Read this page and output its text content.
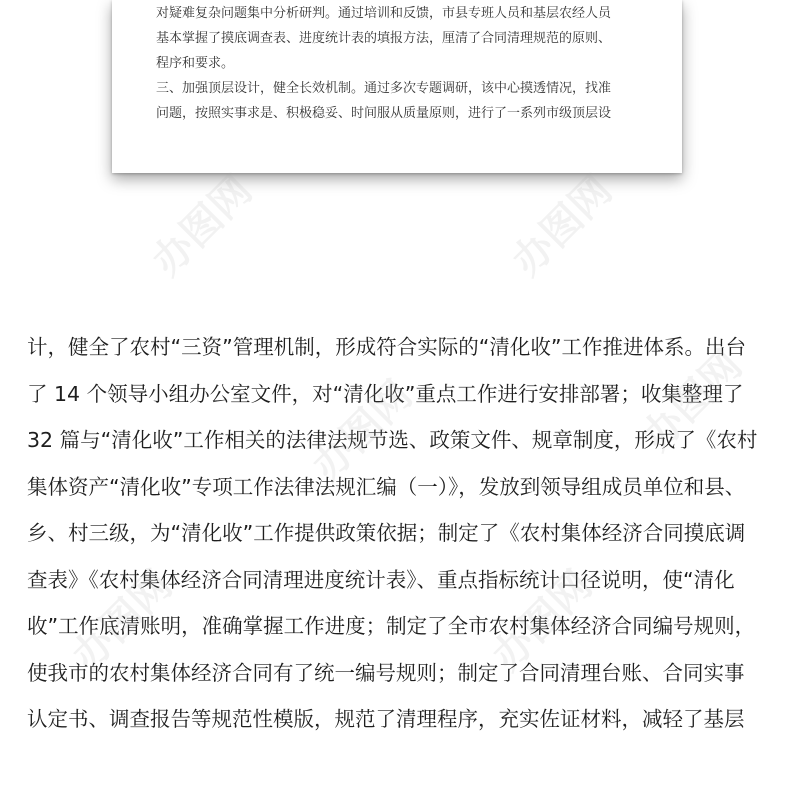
对疑难复杂问题集中分析研判。通过培训和反馈，市县专班人员和基层农经人员
基本掌握了摸底调查表、进度统计表的填报方法，厘清了合同清理规范的原则、
程序和要求。
三、加强顶层设计，健全长效机制。通过多次专题调研，该中心摸透情况，找准
问题，按照实事求是、积极稳妥、时间服从质量原则，进行了一系列市级顶层设
计，健全了农村“三资”管理机制，形成符合实际的“清化收”工作推进体系。出台
了 14 个领导小组办公室文件，对“清化收”重点工作进行安排部署；收集整理了
32 篇与“清化收”工作相关的法律法规节选、政策文件、规章制度，形成了《农村
集体资产“清化收”专项工作法律法规汇编（一）》，发放到领导组成员单位和县、
乡、村三级，为“清化收”工作提供政策依据；制定了《农村集体经济合同摸底调
查表》《农村集体经济合同清理进度统计表》、重点指标统计口径说明，使“清化
收”工作底清账明，准确掌握工作进度；制定了全市农村集体经济合同编号规则，
使我市的农村集体经济合同有了统一编号规则；制定了合同清理台账、合同实事
认定书、调查报告等规范性模版，规范了清理程序，充实佐证材料，减轻了基层
办图网	办图网
办图网
办图网	办图网
办图网
